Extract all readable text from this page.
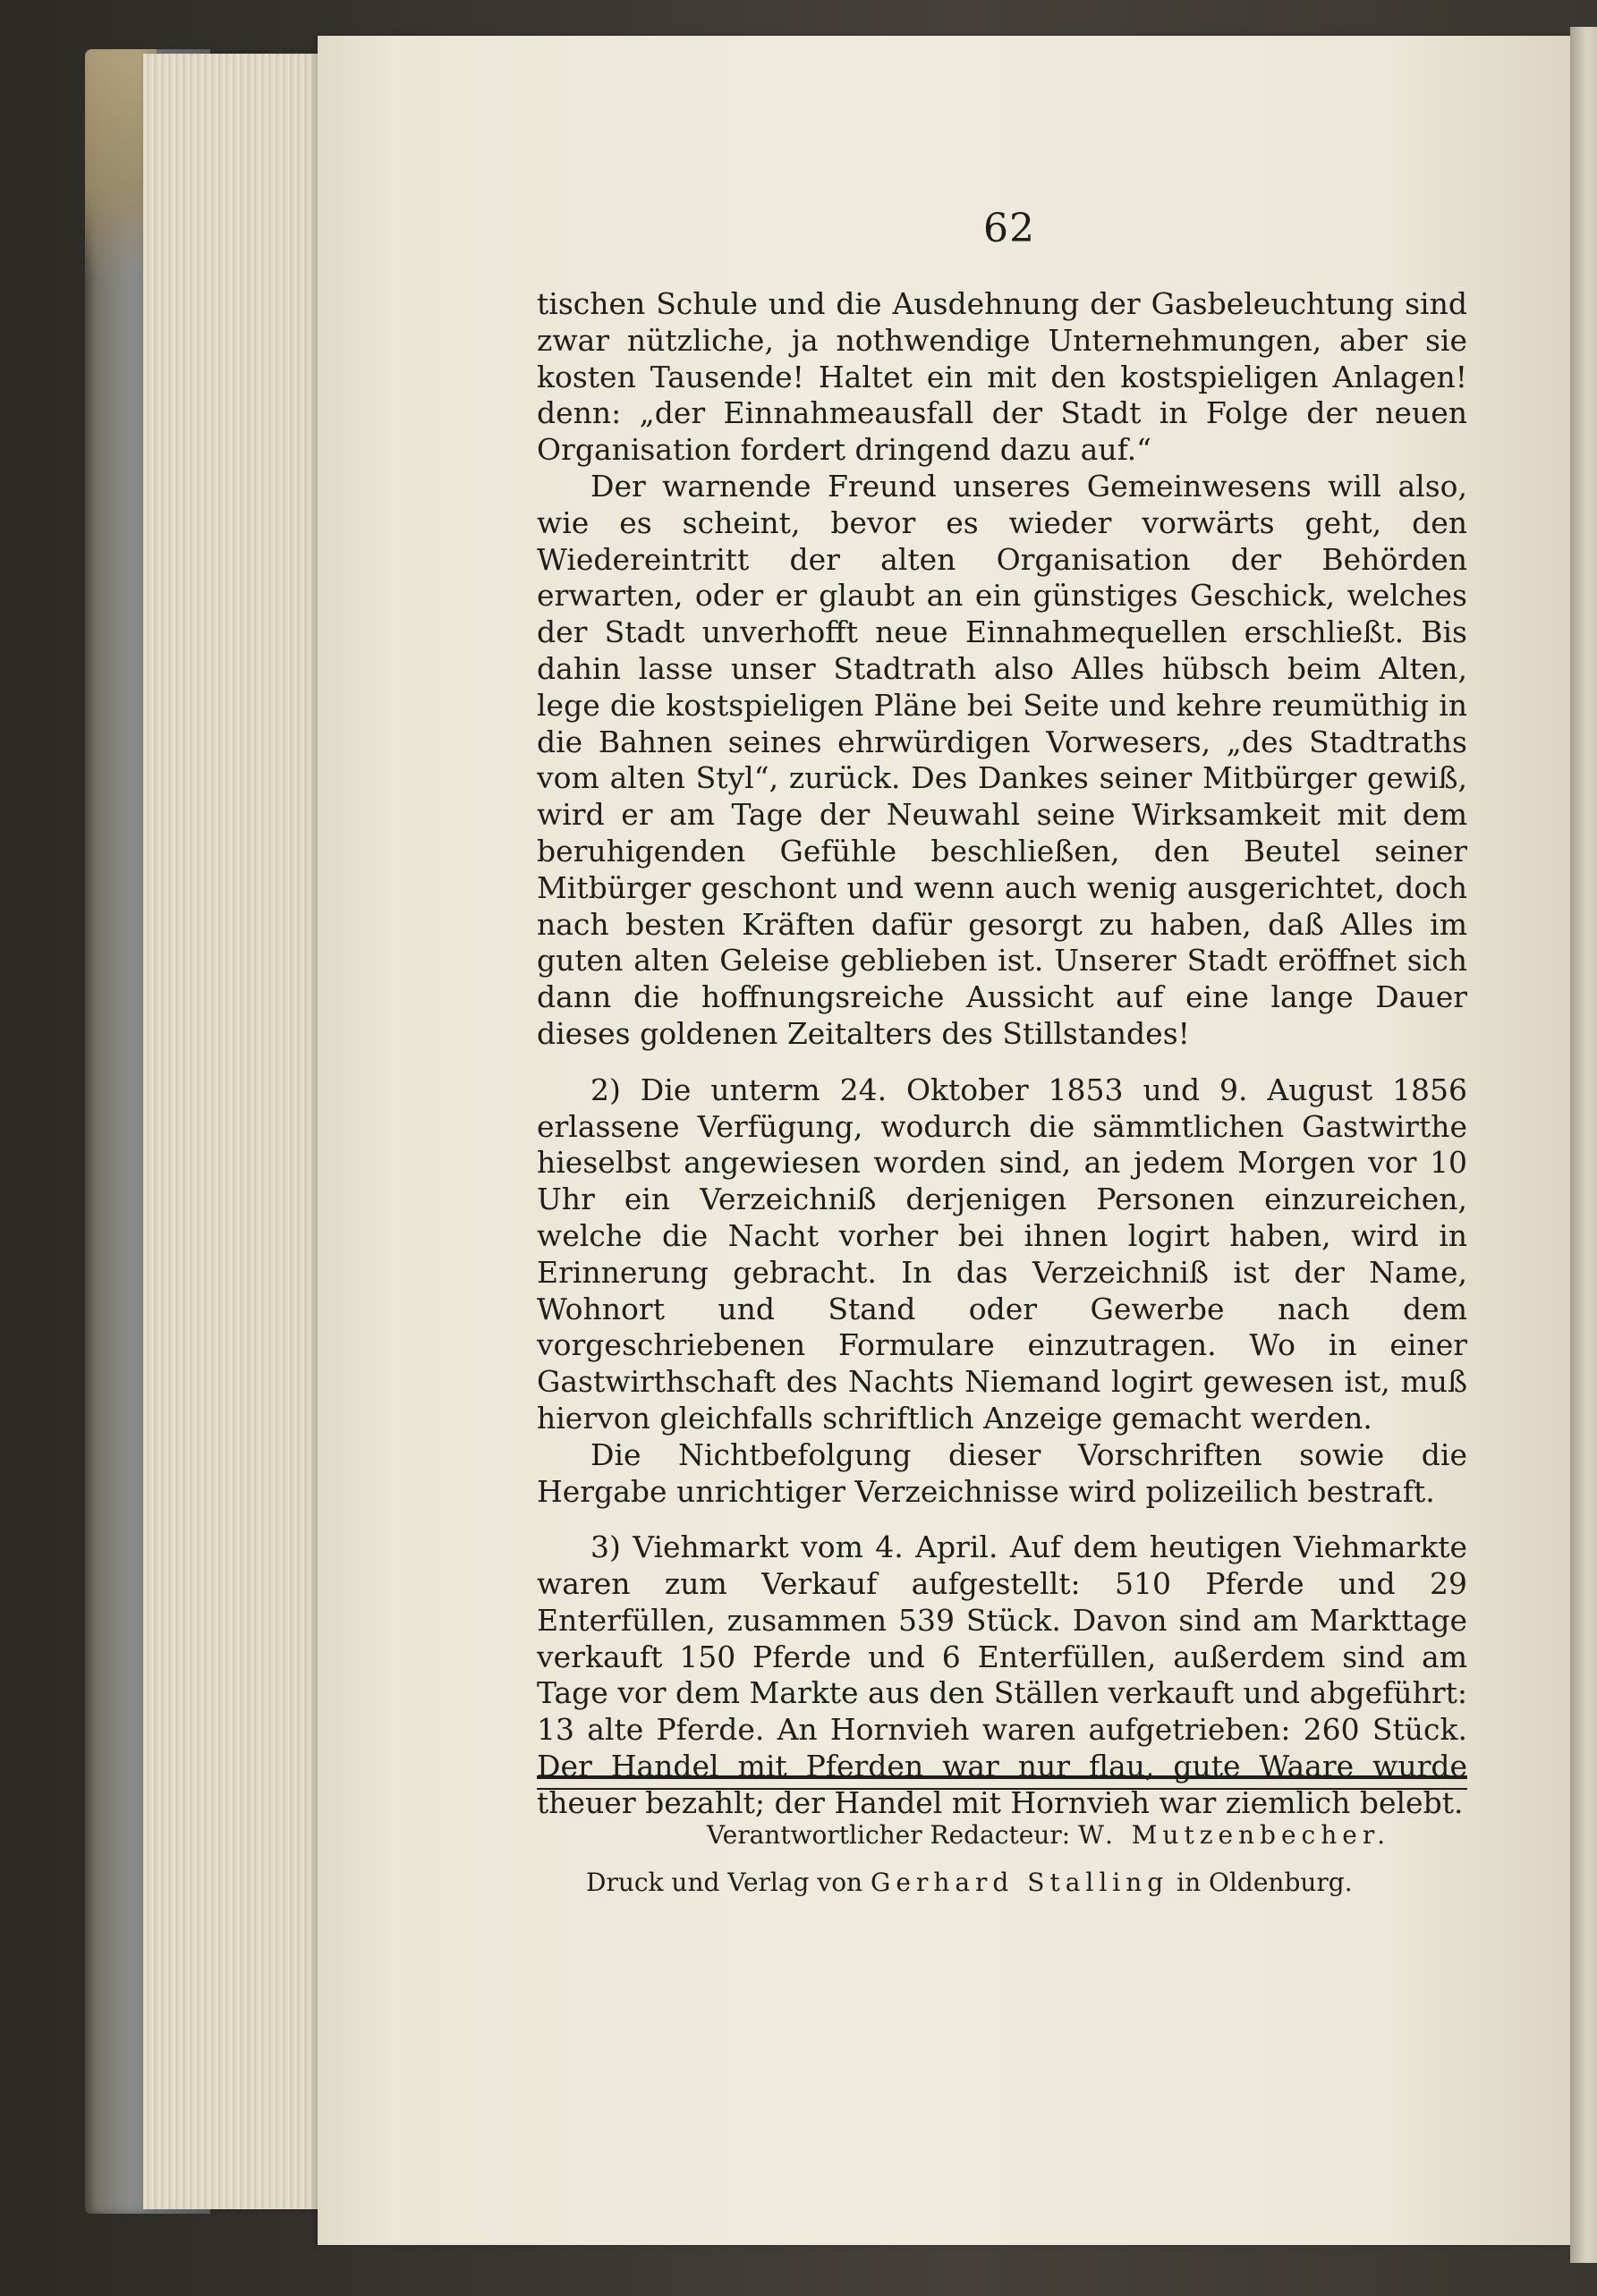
62

tischen Schule und die Ausdehnung der Gasbeleuchtung sind zwar nützliche, ja nothwendige Unternehmungen, aber sie kosten Tausende! Haltet ein mit den kostspieligen Anlagen! denn: „der Einnahmeausfall der Stadt in Folge der neuen Organisation fordert dringend dazu auf.“

Der warnende Freund unseres Gemeinwesens will also, wie es scheint, bevor es wieder vorwärts geht, den Wiedereintritt der alten Organisation der Behörden erwarten, oder er glaubt an ein günstiges Geschick, welches der Stadt unverhofft neue Einnahmequellen erschließt. Bis dahin lasse unser Stadtrath also Alles hübsch beim Alten, lege die kostspieligen Pläne bei Seite und kehre reumüthig in die Bahnen seines ehrwürdigen Vorwesers, „des Stadtraths vom alten Styl“, zurück. Des Dankes seiner Mitbürger gewiß, wird er am Tage der Neuwahl seine Wirksamkeit mit dem beruhigenden Gefühle beschließen, den Beutel seiner Mitbürger geschont und wenn auch wenig ausgerichtet, doch nach besten Kräften dafür gesorgt zu haben, daß Alles im guten alten Geleise geblieben ist. Unserer Stadt eröffnet sich dann die hoffnungsreiche Aussicht auf eine lange Dauer dieses goldenen Zeitalters des Stillstandes!

2) Die unterm 24. Oktober 1853 und 9. August 1856 erlassene Verfügung, wodurch die sämmtlichen Gastwirthe hieselbst angewiesen worden sind, an jedem Morgen vor 10 Uhr ein Verzeichniß derjenigen Personen einzureichen, welche die Nacht vorher bei ihnen logirt haben, wird in Erinnerung gebracht. In das Verzeichniß ist der Name, Wohnort und Stand oder Gewerbe nach dem vorgeschriebenen Formulare einzutragen. Wo in einer Gastwirthschaft des Nachts Niemand logirt gewesen ist, muß hiervon gleichfalls schriftlich Anzeige gemacht werden.

Die Nichtbefolgung dieser Vorschriften sowie die Hergabe unrichtiger Verzeichnisse wird polizeilich bestraft.

3) Viehmarkt vom 4. April. Auf dem heutigen Viehmarkte waren zum Verkauf aufgestellt: 510 Pferde und 29 Enterfüllen, zusammen 539 Stück. Davon sind am Markttage verkauft 150 Pferde und 6 Enterfüllen, außerdem sind am Tage vor dem Markte aus den Ställen verkauft und abgeführt: 13 alte Pferde. An Hornvieh waren aufgetrieben: 260 Stück. Der Handel mit Pferden war nur flau, gute Waare wurde theuer bezahlt; der Handel mit Hornvieh war ziemlich belebt.

Verantwortlicher Redacteur: W. Mutzenbecher.
Druck und Verlag von Gerhard Stalling in Oldenburg.
